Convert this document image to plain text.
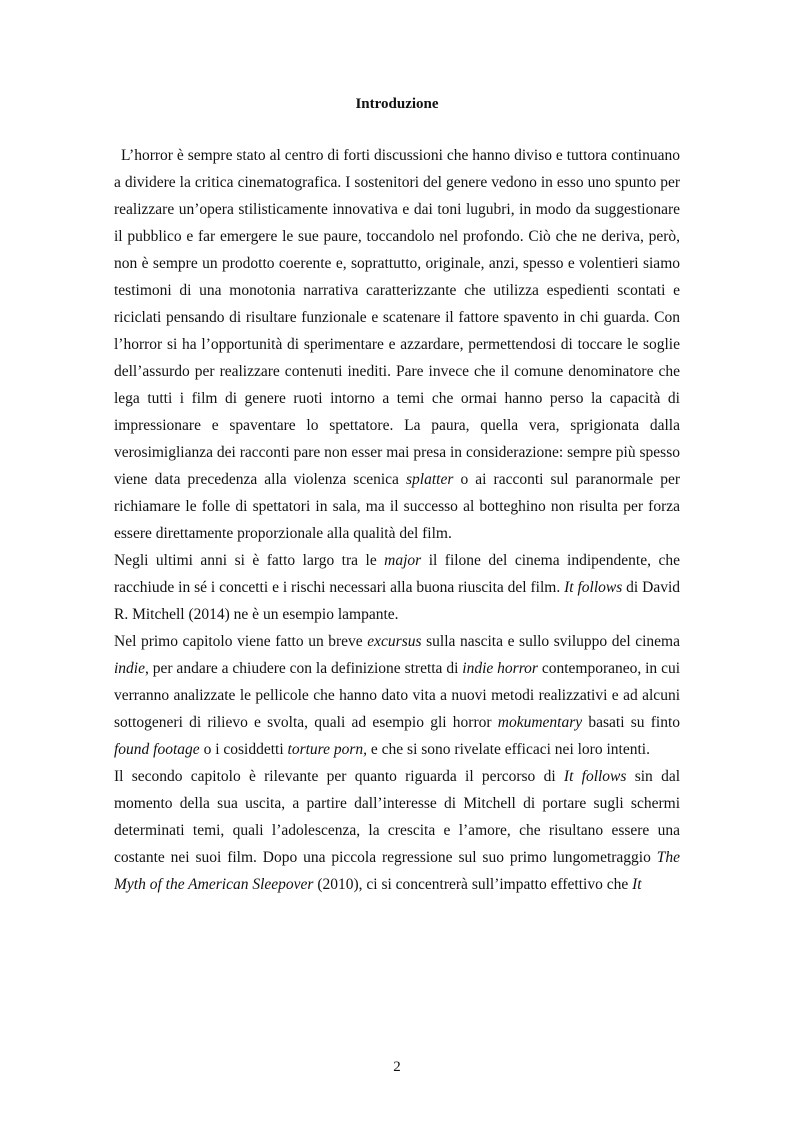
Introduzione

L’horror è sempre stato al centro di forti discussioni che hanno diviso e tuttora continuano a dividere la critica cinematografica. I sostenitori del genere vedono in esso uno spunto per realizzare un’opera stilisticamente innovativa e dai toni lugubri, in modo da suggestionare il pubblico e far emergere le sue paure, toccandolo nel profondo. Ciò che ne deriva, però, non è sempre un prodotto coerente e, soprattutto, originale, anzi, spesso e volentieri siamo testimoni di una monotonia narrativa caratterizzante che utilizza espedienti scontati e riciclati pensando di risultare funzionale e scatenare il fattore spavento in chi guarda. Con l’horror si ha l’opportunità di sperimentare e azzardare, permettendosi di toccare le soglie dell’assurdo per realizzare contenuti inediti. Pare invece che il comune denominatore che lega tutti i film di genere ruoti intorno a temi che ormai hanno perso la capacità di impressionare e spaventare lo spettatore. La paura, quella vera, sprigionata dalla verosimiglianza dei racconti pare non esser mai presa in considerazione: sempre più spesso viene data precedenza alla violenza scenica splatter o ai racconti sul paranormale per richiamare le folle di spettatori in sala, ma il successo al botteghino non risulta per forza essere direttamente proporzionale alla qualità del film.

Negli ultimi anni si è fatto largo tra le major il filone del cinema indipendente, che racchiude in sé i concetti e i rischi necessari alla buona riuscita del film. It follows di David R. Mitchell (2014) ne è un esempio lampante.

Nel primo capitolo viene fatto un breve excursus sulla nascita e sullo sviluppo del cinema indie, per andare a chiudere con la definizione stretta di indie horror contemporaneo, in cui verranno analizzate le pellicole che hanno dato vita a nuovi metodi realizzativi e ad alcuni sottogeneri di rilievo e svolta, quali ad esempio gli horror mokumentary basati su finto found footage o i cosiddetti torture porn, e che si sono rivelate efficaci nei loro intenti.

Il secondo capitolo è rilevante per quanto riguarda il percorso di It follows sin dal momento della sua uscita, a partire dall’interesse di Mitchell di portare sugli schermi determinati temi, quali l’adolescenza, la crescita e l’amore, che risultano essere una costante nei suoi film. Dopo una piccola regressione sul suo primo lungometraggio The Myth of the American Sleepover (2010), ci si concentrerà sull’impatto effettivo che It

2
